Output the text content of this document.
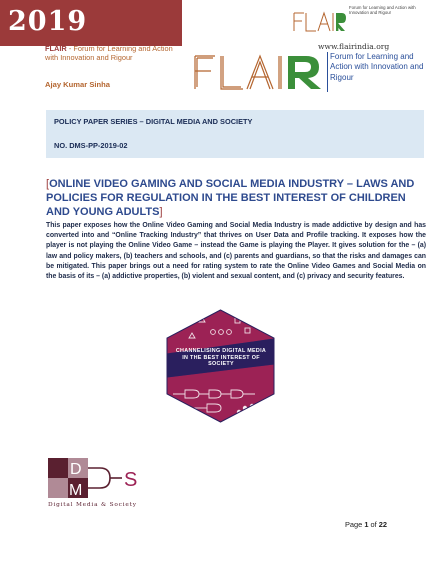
2019
FLAIR - Forum for Learning and Action with Innovation and Rigour
Ajay Kumar Sinha
Forum for Learning and Action with Innovation and Rigour
www.flairindia.org
Forum for Learning and Action with Innovation and Rigour
POLICY PAPER SERIES – DIGITAL MEDIA AND SOCIETY
NO. DMS-PP-2019-02
[ONLINE VIDEO GAMING AND SOCIAL MEDIA INDUSTRY – LAWS AND POLICIES FOR REGULATION IN THE BEST INTEREST OF CHILDREN AND YOUNG ADULTS]
This paper exposes how the Online Video Gaming and Social Media Industry is made addictive by design and has converted into and “Online Tracking Industry” that thrives on User Data and Profile tracking. It exposes how the player is not playing the Online Video Game – instead the Game is playing the Player. It gives solution for the – (a) law and policy makers, (b) teachers and schools, and (c) parents and guardians, so that the risks and damages can be mitigated. This paper brings out a need for rating system to rate the Online Video Games and Social Media on the basis of its – (a) addictive properties, (b) violent and sexual content, and (c) privacy and security features.
CHANNELISING DIGITAL MEDIA IN THE BEST INTEREST OF SOCIETY
D
M S
Digital Media & Society
Page 1 of 22
